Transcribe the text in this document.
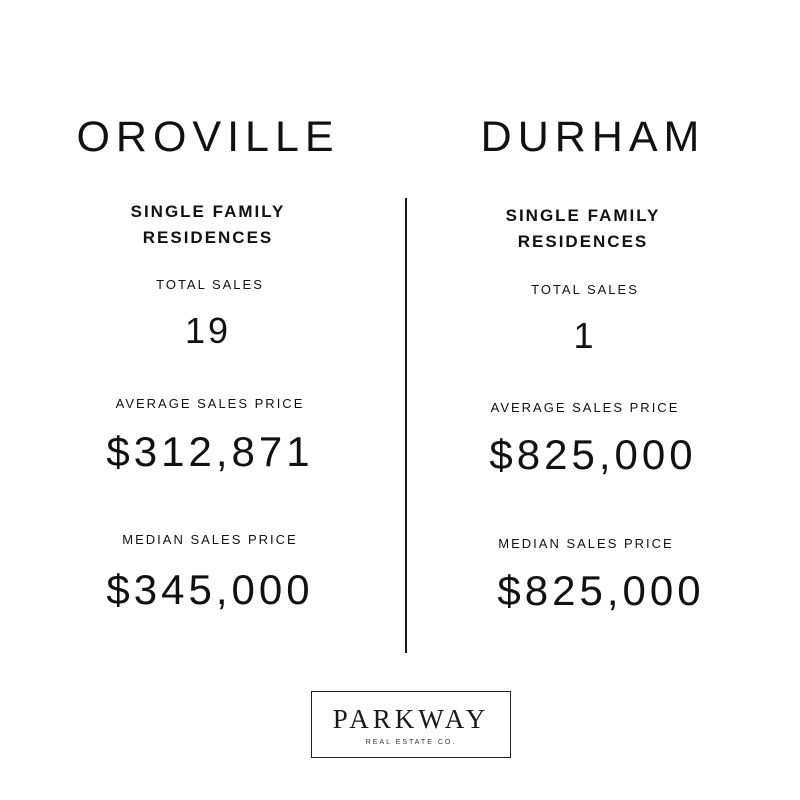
OROVILLE
SINGLE FAMILY
RESIDENCES
TOTAL SALES
19
AVERAGE SALES PRICE
$312,871
MEDIAN SALES PRICE
$345,000
DURHAM
SINGLE FAMILY
RESIDENCES
TOTAL SALES
1
AVERAGE SALES PRICE
$825,000
MEDIAN SALES PRICE
$825,000
PARKWAY
REAL ESTATE CO.
